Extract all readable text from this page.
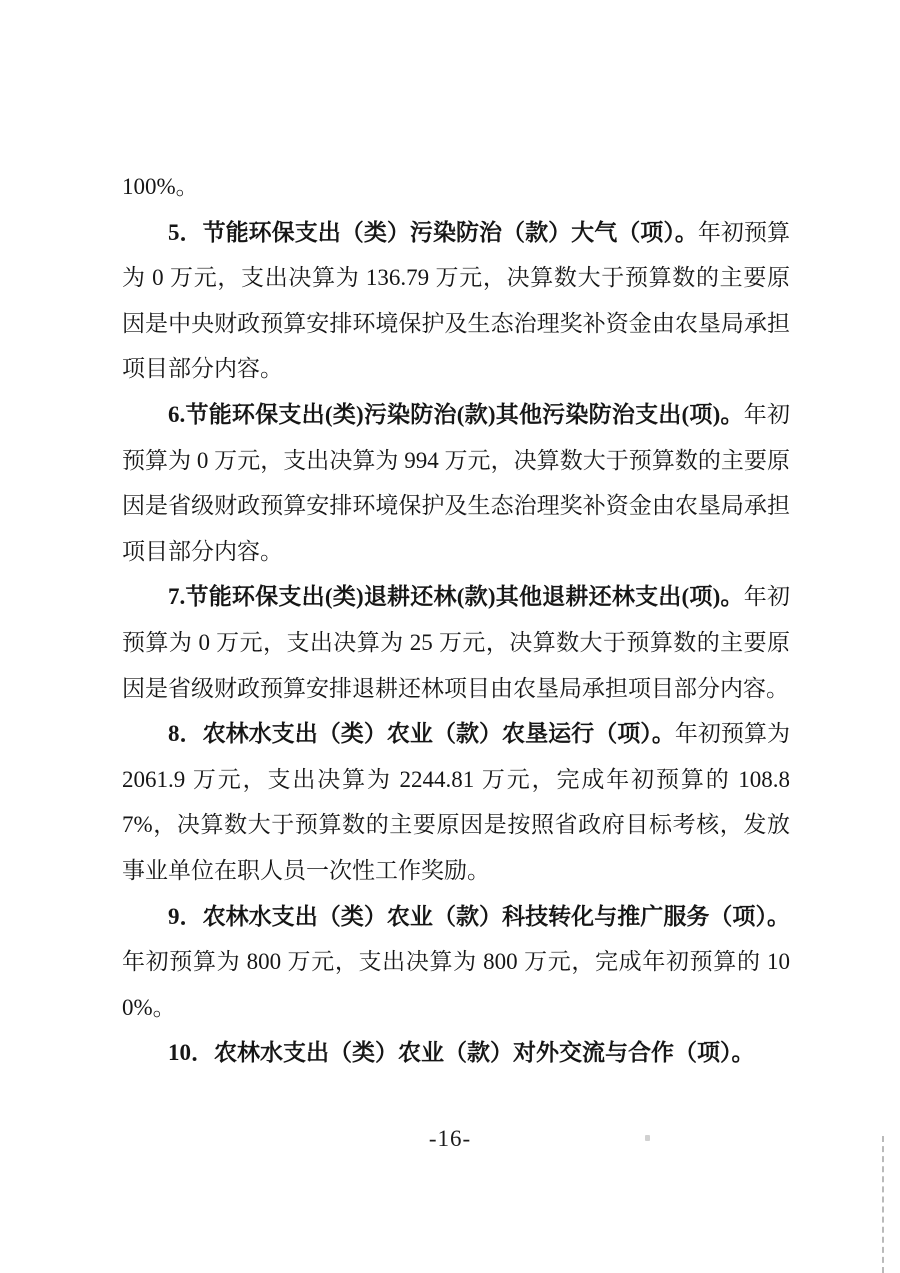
100%。

5．节能环保支出（类）污染防治（款）大气（项）。年初预算为 0 万元，支出决算为 136.79 万元，决算数大于预算数的主要原因是中央财政预算安排环境保护及生态治理奖补资金由农垦局承担项目部分内容。

6.节能环保支出(类)污染防治(款)其他污染防治支出(项)。年初预算为 0 万元，支出决算为 994 万元，决算数大于预算数的主要原因是省级财政预算安排环境保护及生态治理奖补资金由农垦局承担项目部分内容。

7.节能环保支出(类)退耕还林(款)其他退耕还林支出(项)。年初预算为 0 万元，支出决算为 25 万元，决算数大于预算数的主要原因是省级财政预算安排退耕还林项目由农垦局承担项目部分内容。

8．农林水支出（类）农业（款）农垦运行（项）。年初预算为 2061.9 万元，支出决算为 2244.81 万元，完成年初预算的 108.87%，决算数大于预算数的主要原因是按照省政府目标考核，发放事业单位在职人员一次性工作奖励。

9．农林水支出（类）农业（款）科技转化与推广服务（项）。年初预算为 800 万元，支出决算为 800 万元，完成年初预算的 100%。

10．农林水支出（类）农业（款）对外交流与合作（项）。

-16-
